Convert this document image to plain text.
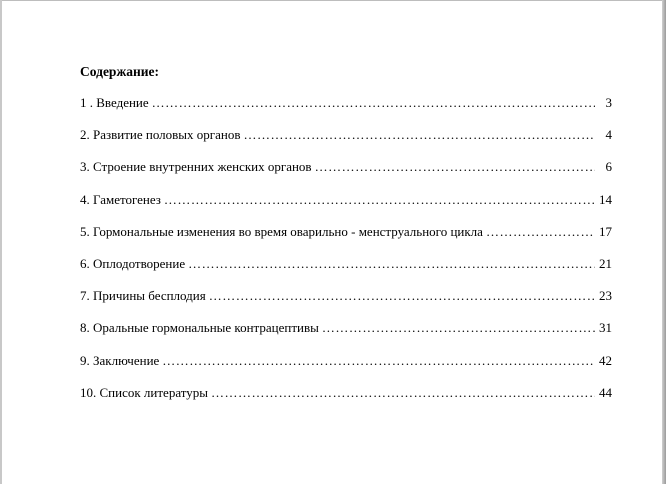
Содержание:
1 . Введение ……………………………………………………………………………………………………………………………………	3
2. Развитие половых органов ……………………………………………………………………………………………………………………………………	4
3. Строение внутренних женских органов ……………………………………………………………………………………………………………………………………	6
4. Гаметогенез ……………………………………………………………………………………………………………………………………	14
5. Гормональные изменения во время оварильно - менструального цикла ……………………………………………………………………………………………………………………………………	17
6. Оплодотворение ……………………………………………………………………………………………………………………………………	21
7. Причины бесплодия ……………………………………………………………………………………………………………………………………	23
8. Оральные гормональные контрацептивы ……………………………………………………………………………………………………………………………………	31
9. Заключение ……………………………………………………………………………………………………………………………………	42
10. Список литературы ……………………………………………………………………………………………………………………………………	44
